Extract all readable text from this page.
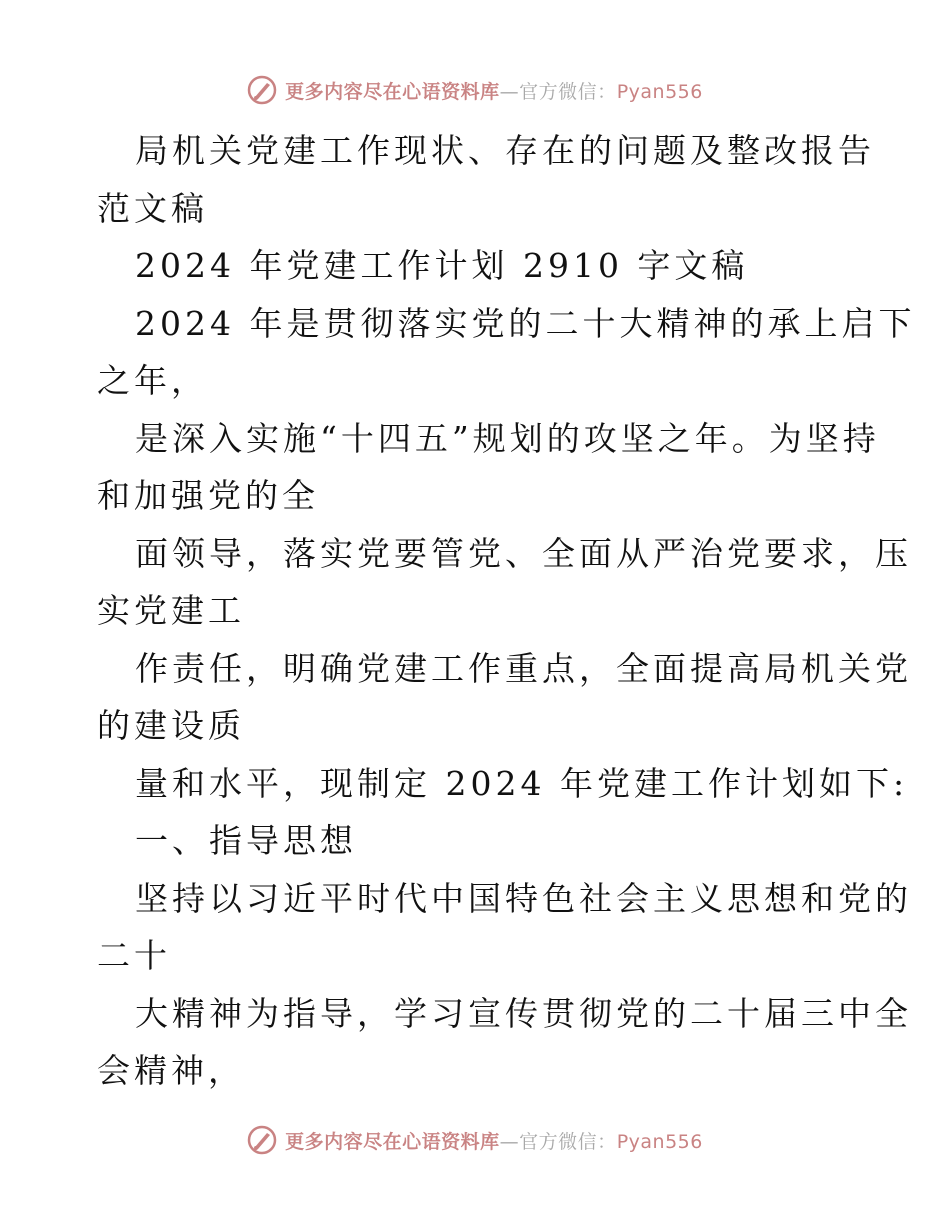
更多内容尽在心语资料库—官方微信：Pyan556
局机关党建工作现状、存在的问题及整改报告
范文稿
2024 年党建工作计划 2910 字文稿
2024 年是贯彻落实党的二十大精神的承上启下
之年，
是深入实施“十四五”规划的攻坚之年。为坚持
和加强党的全
面领导，落实党要管党、全面从严治党要求，压
实党建工
作责任，明确党建工作重点，全面提高局机关党
的建设质
量和水平，现制定 2024 年党建工作计划如下:
一、指导思想
坚持以习近平时代中国特色社会主义思想和党的
二十
大精神为指导，学习宣传贯彻党的二十届三中全
会精神，
更多内容尽在心语资料库—官方微信：Pyan556
